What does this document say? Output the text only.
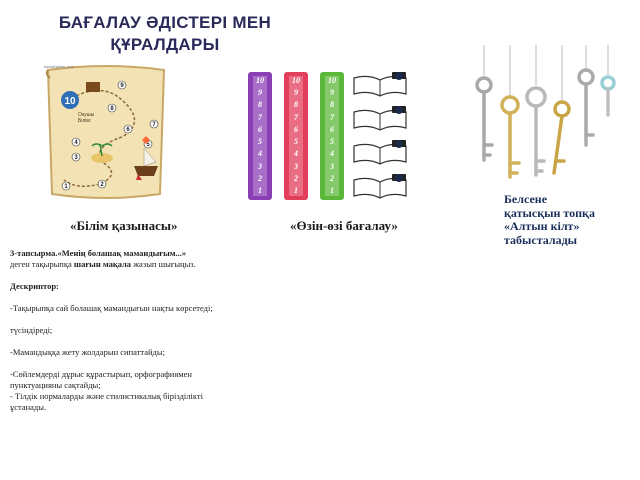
БАҒАЛАУ ӘДІСТЕРІ МЕН
ҚҰРАЛДАРЫ
10
9
8
7
6
5
4
3
2
1
kazakhtelim_kaz
Окушы
Білім:
10
9
8
7
6
5
4
3
2
1
10
9
8
7
6
5
4
3
2
1
10
9
8
7
6
5
4
3
2
1
«Білім қазынасы»	«Өзін-өзі бағалау»
Белсене
қатысқын топқа
«Алтын кілт»
табысталады

3-тапсырма.«Менің болашақ мамандығым...»

деген тақырыпқа шағын мақала жазып шығыңыз.

Дескриптор:

-Тақырыпқа сай болашақ мамандығын нақты көрсетеді;

түсіндіреді;

-Мамандыққа жету жолдарын сипаттайды;

-Сөйлемдерді дұрыс құрастырып, орфографиямен

пунктуацияны сақтайды;

- Тілдік нормаларды және стилистикалық бірізділікті

ұстанады.
